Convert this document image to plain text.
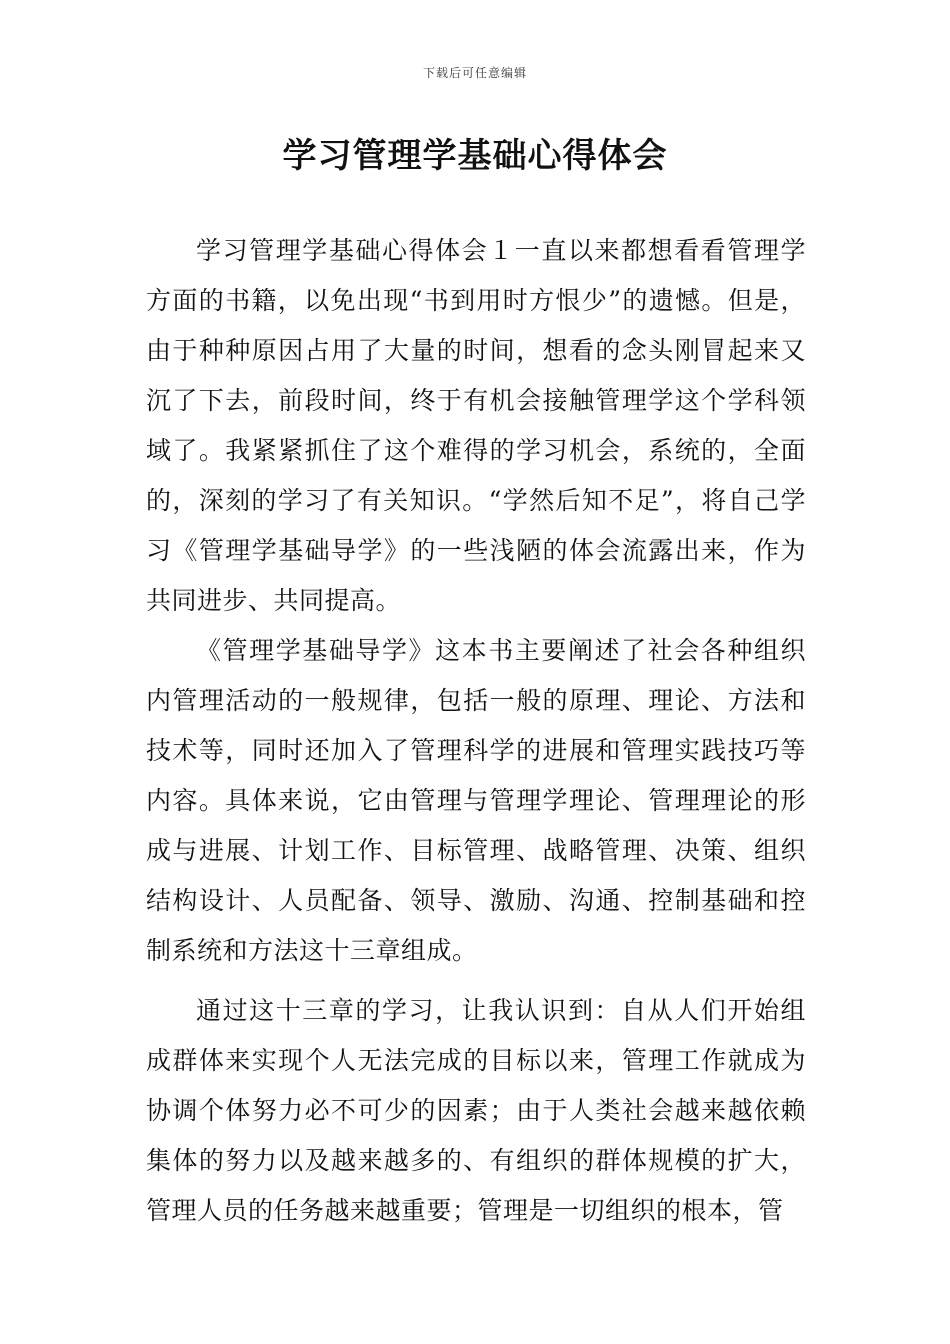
下载后可任意编辑
学习管理学基础心得体会

学习管理学基础心得体会１一直以来都想看看管理学方面的书籍，以免出现“书到用时方恨少”的遗憾。但是，由于种种原因占用了大量的时间，想看的念头刚冒起来又沉了下去，前段时间，终于有机会接触管理学这个学科领域了。我紧紧抓住了这个难得的学习机会，系统的，全面的，深刻的学习了有关知识。“学然后知不足”，将自己学习《管理学基础导学》的一些浅陋的体会流露出来，作为共同进步、共同提高。

《管理学基础导学》这本书主要阐述了社会各种组织内管理活动的一般规律，包括一般的原理、理论、方法和技术等，同时还加入了管理科学的进展和管理实践技巧等内容。具体来说，它由管理与管理学理论、管理理论的形成与进展、计划工作、目标管理、战略管理、决策、组织结构设计、人员配备、领导、激励、沟通、控制基础和控制系统和方法这十三章组成。

通过这十三章的学习，让我认识到：自从人们开始组成群体来实现个人无法完成的目标以来，管理工作就成为协调个体努力必不可少的因素；由于人类社会越来越依赖集体的努力以及越来越多的、有组织的群体规模的扩大，管理人员的任务越来越重要；管理是一切组织的根本，管
